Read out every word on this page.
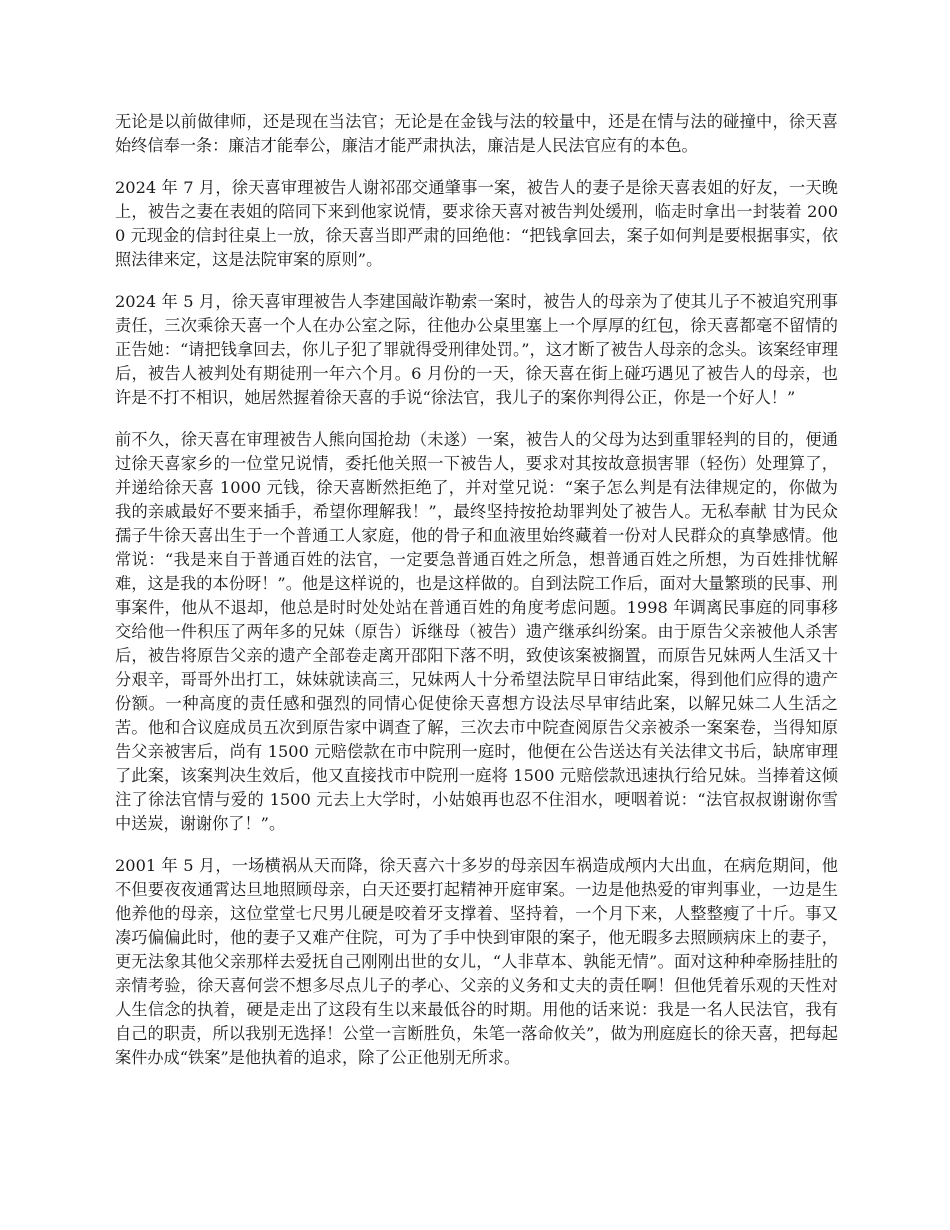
无论是以前做律师，还是现在当法官；无论是在金钱与法的较量中，还是在情与法的碰撞中，徐天喜始终信奉一条：廉洁才能奉公，廉洁才能严肃执法，廉洁是人民法官应有的本色。

2024 年 7 月，徐天喜审理被告人谢祁邵交通肇事一案，被告人的妻子是徐天喜表姐的好友，一天晚上，被告之妻在表姐的陪同下来到他家说情，要求徐天喜对被告判处缓刑，临走时拿出一封装着 2000 元现金的信封往桌上一放，徐天喜当即严肃的回绝他：“把钱拿回去，案子如何判是要根据事实，依照法律来定，这是法院审案的原则”。

2024 年 5 月，徐天喜审理被告人李建国敲诈勒索一案时，被告人的母亲为了使其儿子不被追究刑事责任，三次乘徐天喜一个人在办公室之际，往他办公桌里塞上一个厚厚的红包，徐天喜都毫不留情的正告她：“请把钱拿回去，你儿子犯了罪就得受刑律处罚。”，这才断了被告人母亲的念头。该案经审理后，被告人被判处有期徒刑一年六个月。6 月份的一天，徐天喜在街上碰巧遇见了被告人的母亲，也许是不打不相识，她居然握着徐天喜的手说“徐法官，我儿子的案你判得公正，你是一个好人！”

前不久，徐天喜在审理被告人熊向国抢劫（未遂）一案，被告人的父母为达到重罪轻判的目的，便通过徐天喜家乡的一位堂兄说情，委托他关照一下被告人，要求对其按故意损害罪（轻伤）处理算了，并递给徐天喜 1000 元钱，徐天喜断然拒绝了，并对堂兄说：“案子怎么判是有法律规定的，你做为我的亲戚最好不要来插手，希望你理解我！”，最终坚持按抢劫罪判处了被告人。无私奉献 甘为民众孺子牛徐天喜出生于一个普通工人家庭，他的骨子和血液里始终藏着一份对人民群众的真挚感情。他常说：“我是来自于普通百姓的法官，一定要急普通百姓之所急，想普通百姓之所想，为百姓排忧解难，这是我的本份呀！”。他是这样说的，也是这样做的。自到法院工作后，面对大量繁琐的民事、刑事案件，他从不退却，他总是时时处处站在普通百姓的角度考虑问题。1998 年调离民事庭的同事移交给他一件积压了两年多的兄妹（原告）诉继母（被告）遗产继承纠纷案。由于原告父亲被他人杀害后，被告将原告父亲的遗产全部卷走离开邵阳下落不明，致使该案被搁置，而原告兄妹两人生活又十分艰辛，哥哥外出打工，妹妹就读高三，兄妹两人十分希望法院早日审结此案，得到他们应得的遗产份额。一种高度的责任感和强烈的同情心促使徐天喜想方设法尽早审结此案，以解兄妹二人生活之苦。他和合议庭成员五次到原告家中调查了解，三次去市中院查阅原告父亲被杀一案案卷，当得知原告父亲被害后，尚有 1500 元赔偿款在市中院刑一庭时，他便在公告送达有关法律文书后，缺席审理了此案，该案判决生效后，他又直接找市中院刑一庭将 1500 元赔偿款迅速执行给兄妹。当捧着这倾注了徐法官情与爱的 1500 元去上大学时，小姑娘再也忍不住泪水，哽咽着说：“法官叔叔谢谢你雪中送炭，谢谢你了！”。

2001 年 5 月，一场横祸从天而降，徐天喜六十多岁的母亲因车祸造成颅内大出血，在病危期间，他不但要夜夜通霄达旦地照顾母亲，白天还要打起精神开庭审案。一边是他热爱的审判事业，一边是生他养他的母亲，这位堂堂七尺男儿硬是咬着牙支撑着、坚持着，一个月下来，人整整瘦了十斤。事又凑巧偏偏此时，他的妻子又难产住院，可为了手中快到审限的案子，他无暇多去照顾病床上的妻子，更无法象其他父亲那样去爱抚自己刚刚出世的女儿，“人非草本、孰能无情”。面对这种种牵肠挂肚的亲情考验，徐天喜何尝不想多尽点儿子的孝心、父亲的义务和丈夫的责任啊！但他凭着乐观的天性对人生信念的执着，硬是走出了这段有生以来最低谷的时期。用他的话来说：我是一名人民法官，我有自己的职责，所以我别无选择！公堂一言断胜负，朱笔一落命攸关”，做为刑庭庭长的徐天喜，把每起案件办成“铁案”是他执着的追求，除了公正他别无所求。
